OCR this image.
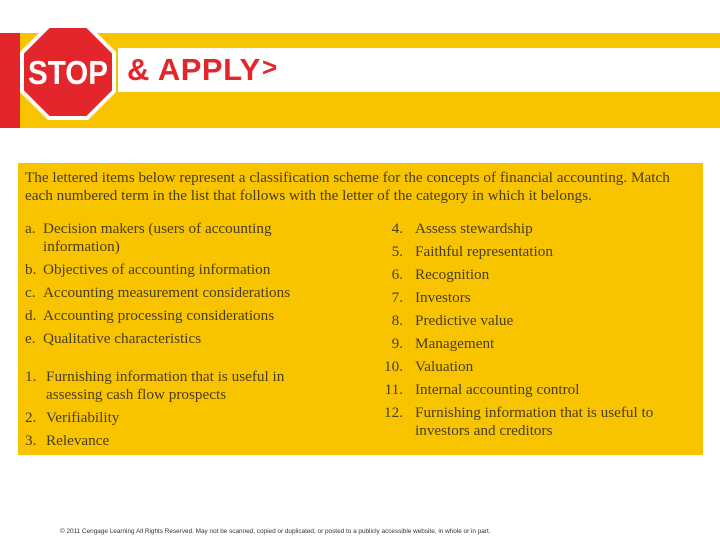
STOP & APPLY >
The lettered items below represent a classification scheme for the concepts of financial accounting. Match each numbered term in the list that follows with the letter of the category in which it belongs.
a. Decision makers (users of accounting
information)
b. Objectives of accounting information
c. Accounting measurement considerations
d. Accounting processing considerations
e. Qualitative characteristics
1. Furnishing information that is useful in
assessing cash flow prospects
2. Verifiability
3. Relevance
4. Assess stewardship
5. Faithful representation
6. Recognition
7. Investors
8. Predictive value
9. Management
10. Valuation
11. Internal accounting control
12. Furnishing information that is useful to
investors and creditors
© 2011 Cengage Learning All Rights Reserved. May not be scanned, copied or duplicated, or posted to a publicly accessible website, in whole or in part.
